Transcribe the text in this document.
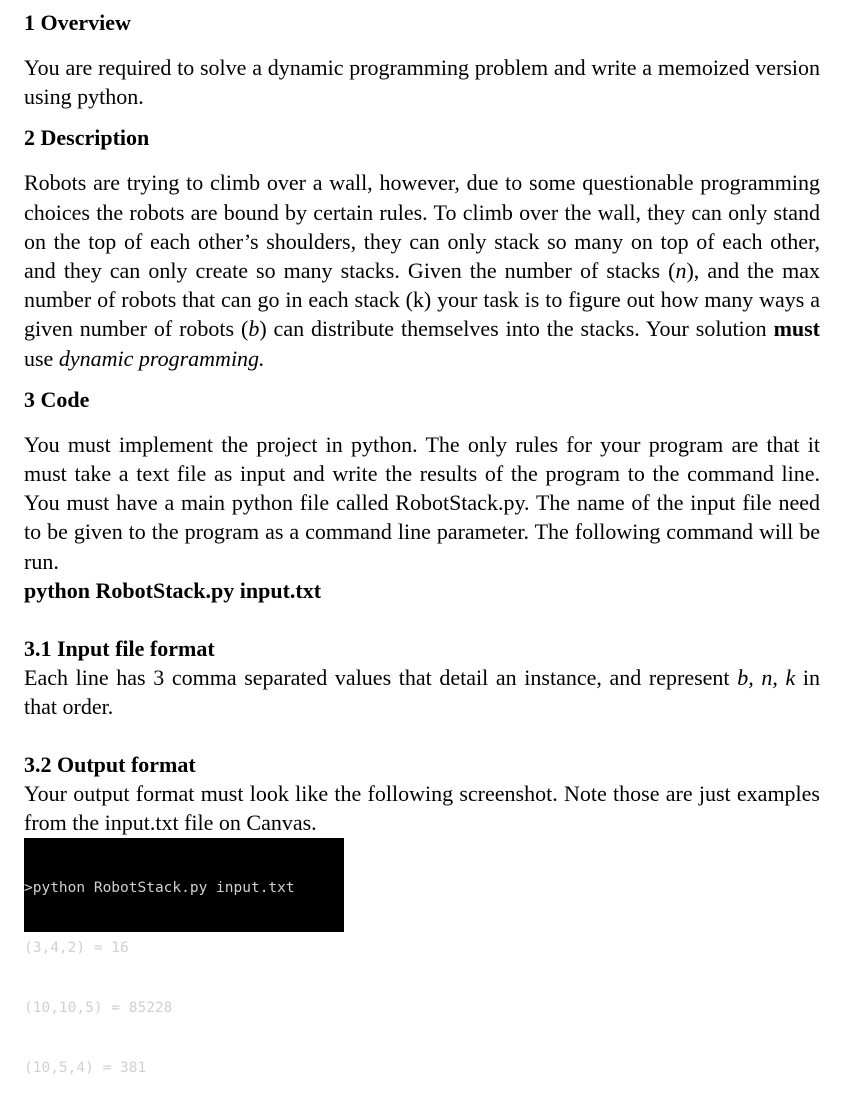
1 Overview

You are required to solve a dynamic programming problem and write a memoized version using python.

2 Description

Robots are trying to climb over a wall, however, due to some questionable programming choices the robots are bound by certain rules. To climb over the wall, they can only stand on the top of each other’s shoulders, they can only stack so many on top of each other, and they can only create so many stacks. Given the number of stacks (n), and the max number of robots that can go in each stack (k) your task is to figure out how many ways a given number of robots (b) can distribute themselves into the stacks. Your solution must use dynamic programming.

3 Code

You must implement the project in python. The only rules for your program are that it must take a text file as input and write the results of the program to the command line. You must have a main python file called RobotStack.py. The name of the input file need to be given to the program as a command line parameter. The following command will be run.

python RobotStack.py input.txt

3.1 Input file format

Each line has 3 comma separated values that detail an instance, and represent b, n, k in that order.

3.2 Output format

Your output format must look like the following screenshot. Note those are just examples from the input.txt file on Canvas.

>python RobotStack.py input.txt

(3,4,2) = 16

(10,10,5) = 85228

(10,5,4) = 381
